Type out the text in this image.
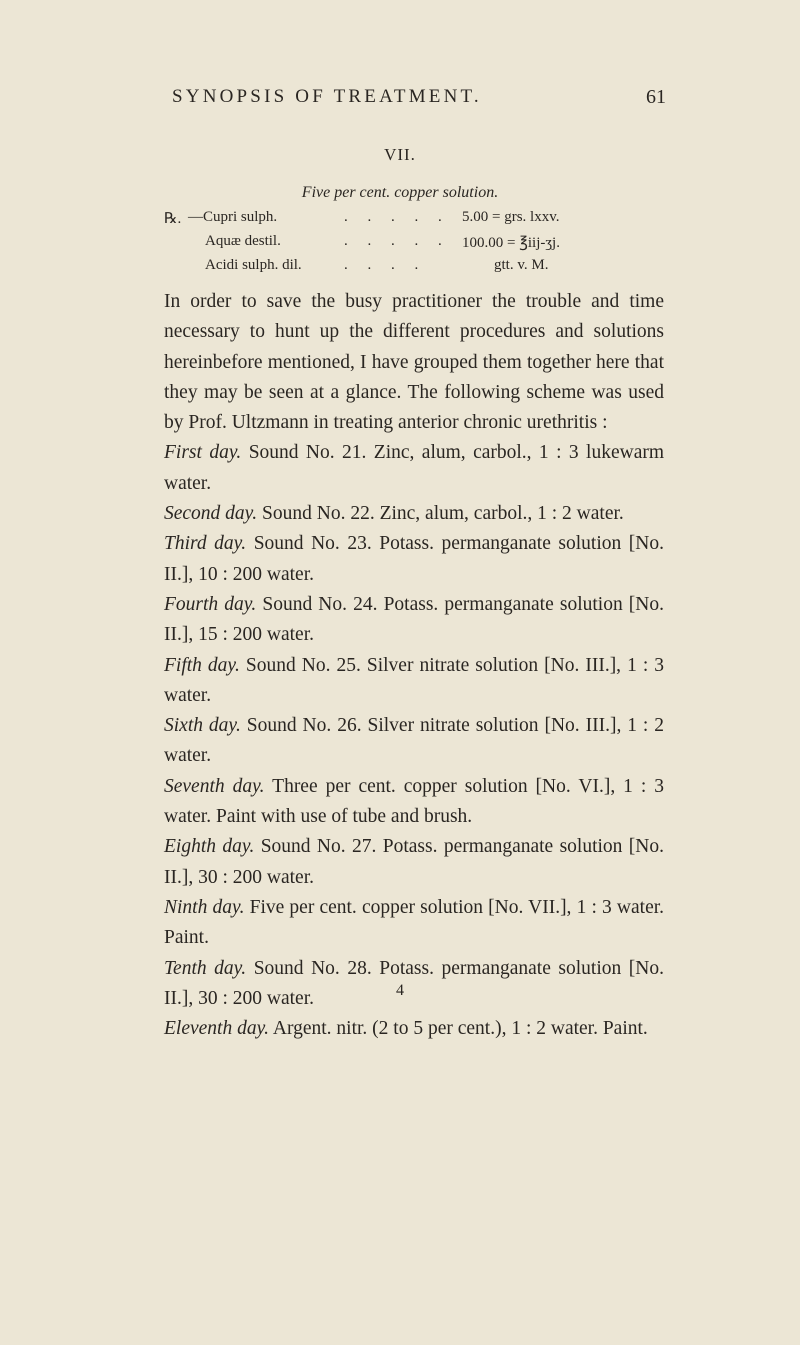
SYNOPSIS OF TREATMENT.	61
VII.
Five per cent. copper solution.
℞. —Cupri sulph.	. . . . . 5.00 = grs. lxxv.
Aquæ destil.	. . . . . 100.00 = ℥iij-ʒj.
Acidi sulph. dil.	. . . .	gtt. v. M.

In order to save the busy practitioner the trouble and time necessary to hunt up the different procedures and solutions hereinbefore mentioned, I have grouped them together here that they may be seen at a glance. The following scheme was used by Prof. Ultzmann in treating anterior chronic urethritis :

First day. Sound No. 21. Zinc, alum, carbol., 1 : 3 lukewarm water.

Second day. Sound No. 22. Zinc, alum, carbol., 1 : 2 water.

Third day. Sound No. 23. Potass. permanganate solution [No. II.], 10 : 200 water.

Fourth day. Sound No. 24. Potass. permanganate solution [No. II.], 15 : 200 water.

Fifth day. Sound No. 25. Silver nitrate solution [No. III.], 1 : 3 water.

Sixth day. Sound No. 26. Silver nitrate solution [No. III.], 1 : 2 water.

Seventh day. Three per cent. copper solution [No. VI.], 1 : 3 water. Paint with use of tube and brush.

Eighth day. Sound No. 27. Potass. permanganate solution [No. II.], 30 : 200 water.

Ninth day. Five per cent. copper solution [No. VII.], 1 : 3 water. Paint.

Tenth day. Sound No. 28. Potass. permanganate solution [No. II.], 30 : 200 water.

Eleventh day. Argent. nitr. (2 to 5 per cent.), 1 : 2 water. Paint.

4
